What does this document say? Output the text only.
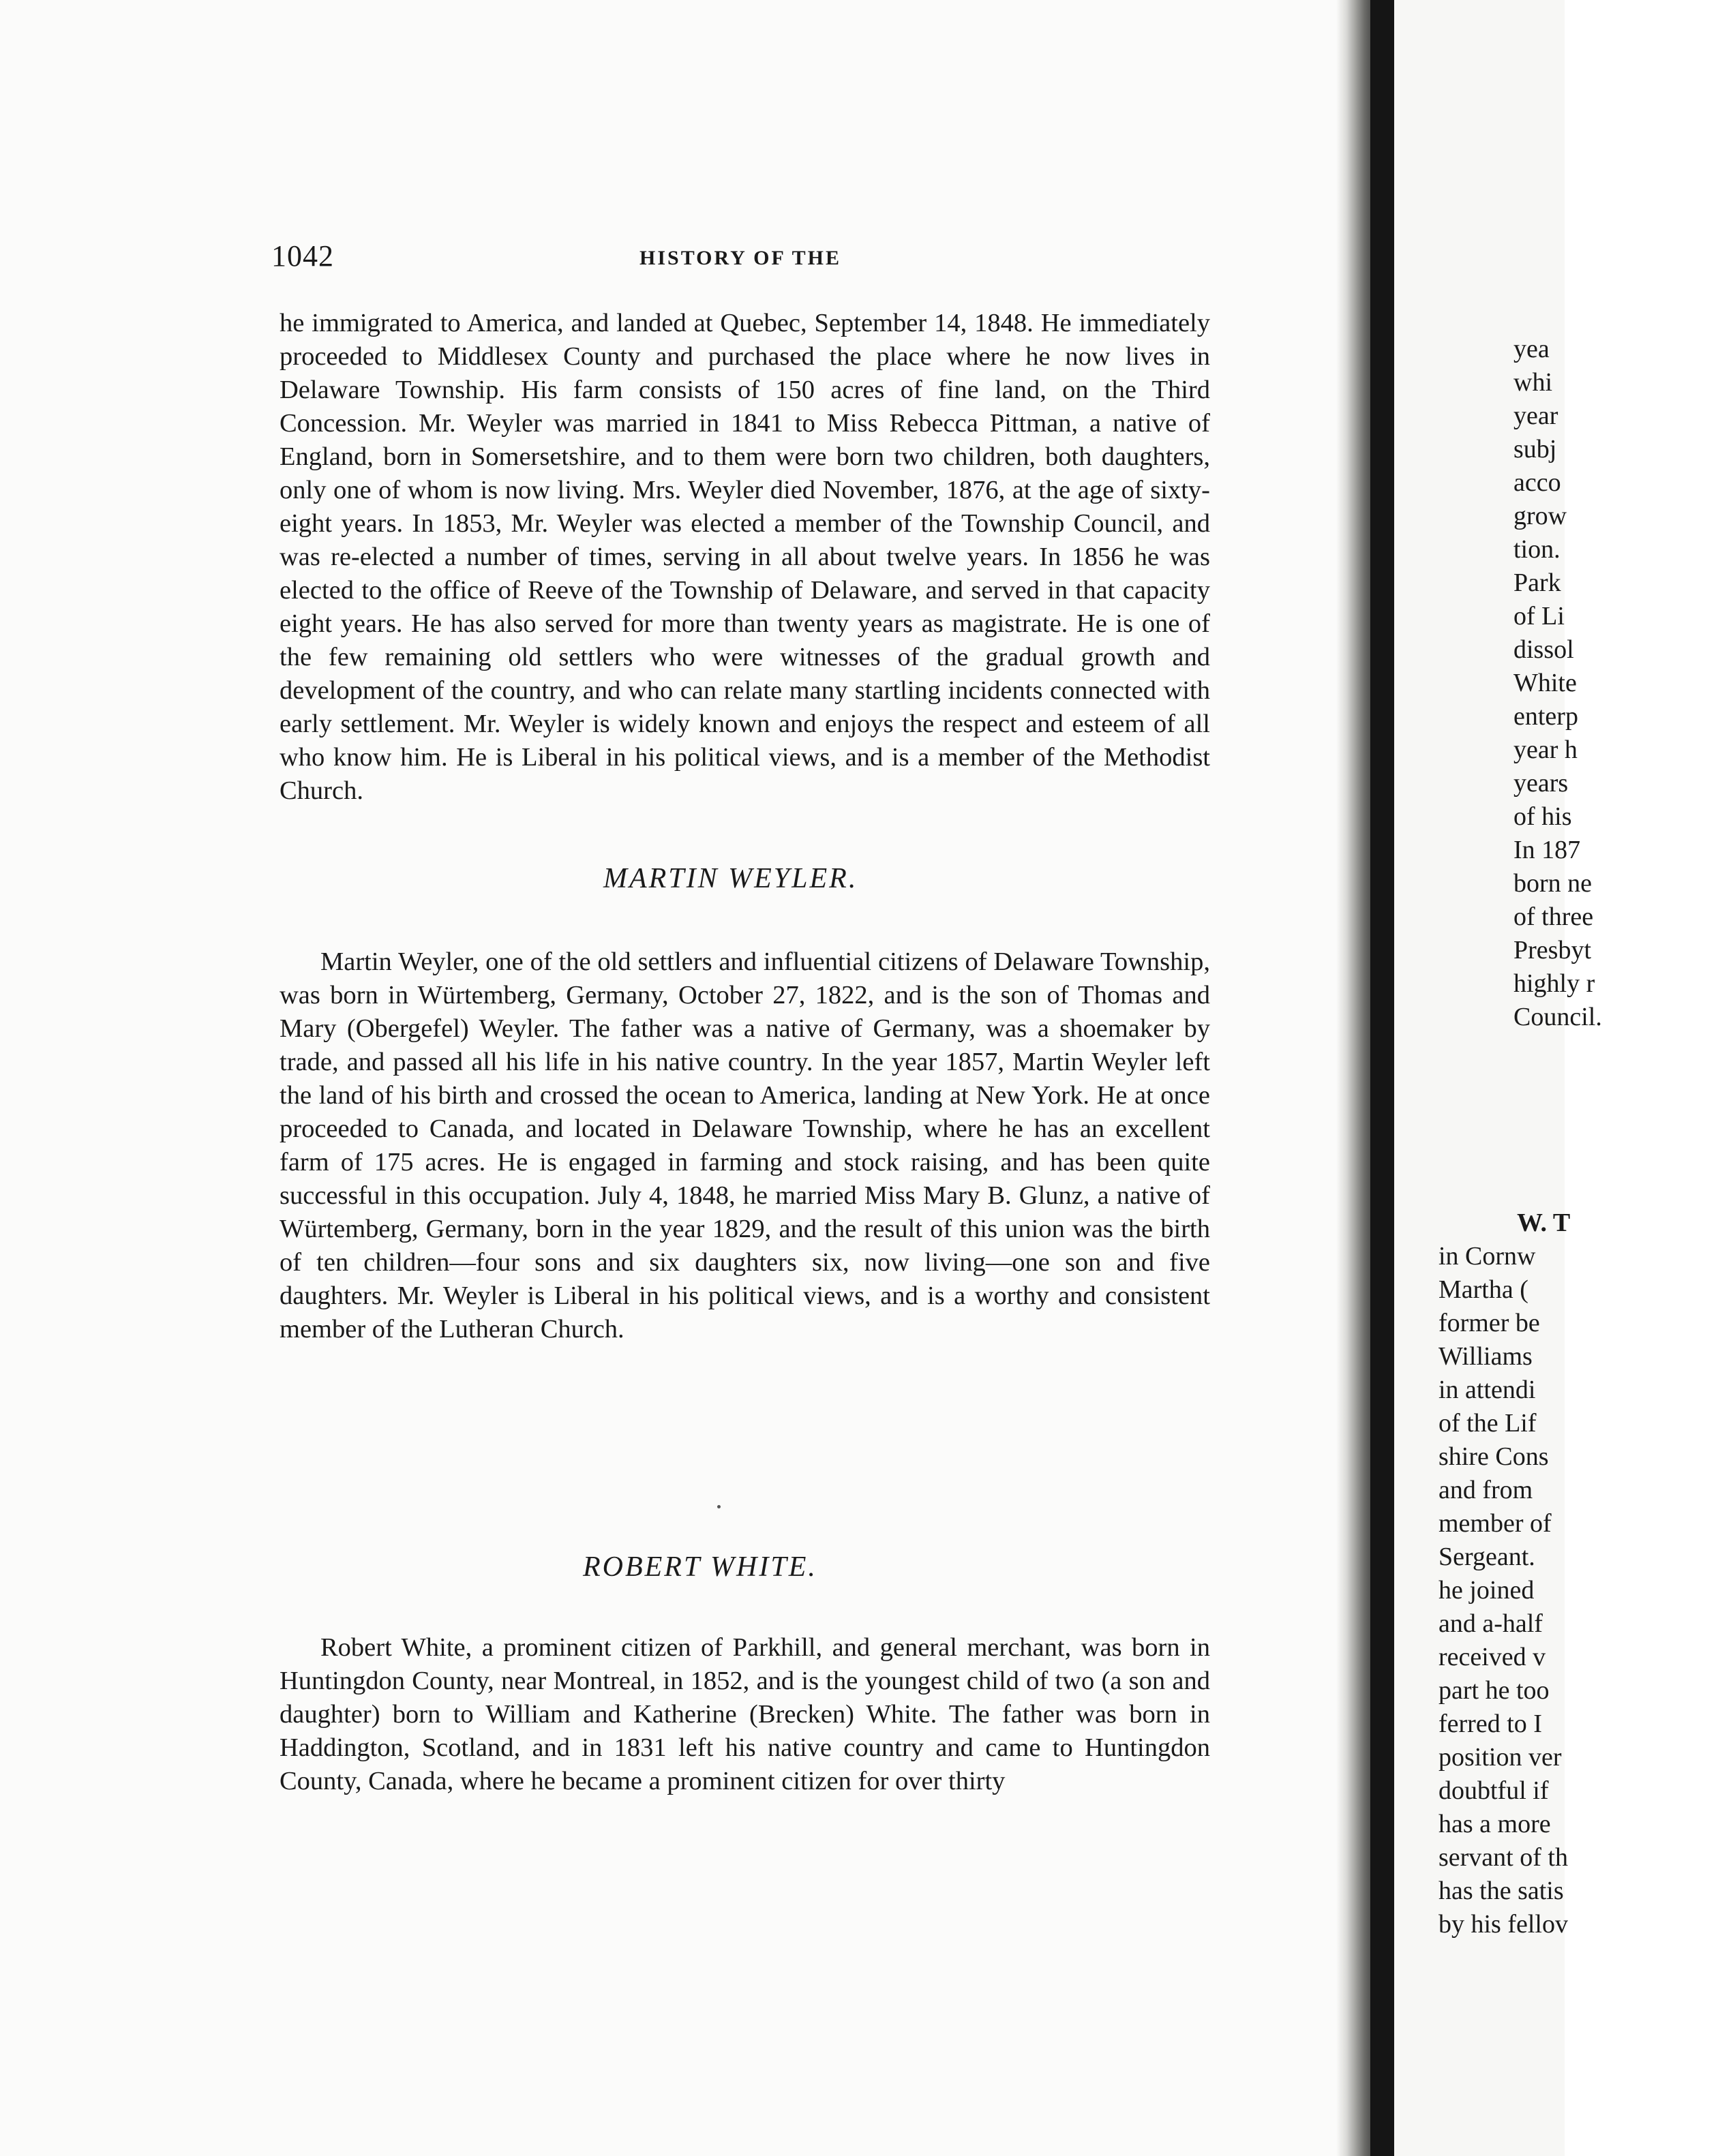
1042	HISTORY OF THE

he immigrated to America, and landed at Quebec, September 14, 1848. He immediately proceeded to Middlesex County and purchased the place where he now lives in Delaware Township. His farm consists of 150 acres of fine land, on the Third Concession. Mr. Weyler was married in 1841 to Miss Rebecca Pittman, a native of England, born in Somersetshire, and to them were born two children, both daughters, only one of whom is now living. Mrs. Weyler died November, 1876, at the age of sixty-eight years. In 1853, Mr. Weyler was elected a member of the Township Council, and was re-elected a number of times, serving in all about twelve years. In 1856 he was elected to the office of Reeve of the Township of Delaware, and served in that capacity eight years. He has also served for more than twenty years as magistrate. He is one of the few remaining old settlers who were witnesses of the gradual growth and development of the country, and who can relate many startling incidents connected with early settlement. Mr. Weyler is widely known and enjoys the respect and esteem of all who know him. He is Liberal in his political views, and is a member of the Methodist Church.

MARTIN WEYLER.

Martin Weyler, one of the old settlers and influential citizens of Delaware Township, was born in Würtemberg, Germany, October 27, 1822, and is the son of Thomas and Mary (Obergefel) Weyler. The father was a native of Germany, was a shoemaker by trade, and passed all his life in his native country. In the year 1857, Martin Weyler left the land of his birth and crossed the ocean to America, landing at New York. He at once proceeded to Canada, and located in Delaware Township, where he has an excellent farm of 175 acres. He is engaged in farming and stock raising, and has been quite successful in this occupation. July 4, 1848, he married Miss Mary B. Glunz, a native of Würtemberg, Germany, born in the year 1829, and the result of this union was the birth of ten children—four sons and six daughters six, now living—one son and five daughters. Mr. Weyler is Liberal in his political views, and is a worthy and consistent member of the Lutheran Church.

ROBERT WHITE.

Robert White, a prominent citizen of Parkhill, and general merchant, was born in Huntingdon County, near Montreal, in 1852, and is the youngest child of two (a son and daughter) born to William and Katherine (Brecken) White. The father was born in Haddington, Scotland, and in 1831 left his native country and came to Huntingdon County, Canada, where he became a prominent citizen for over thirty

yea
whi
year
subj
acco
grow
tion.
Park
of Li
dissol
White
enterp
year h
years
of his
In 187
born ne
of three
Presbyt
highly r
Council.
W. T
in Cornw
Martha (
former be
Williams
in attendi
of the Lif
shire Cons
and from
member of
Sergeant.
he joined
and a-half
received v
part he too
ferred to I
position ver
doubtful if
has a more
servant of th
has the satis
by his fellov
